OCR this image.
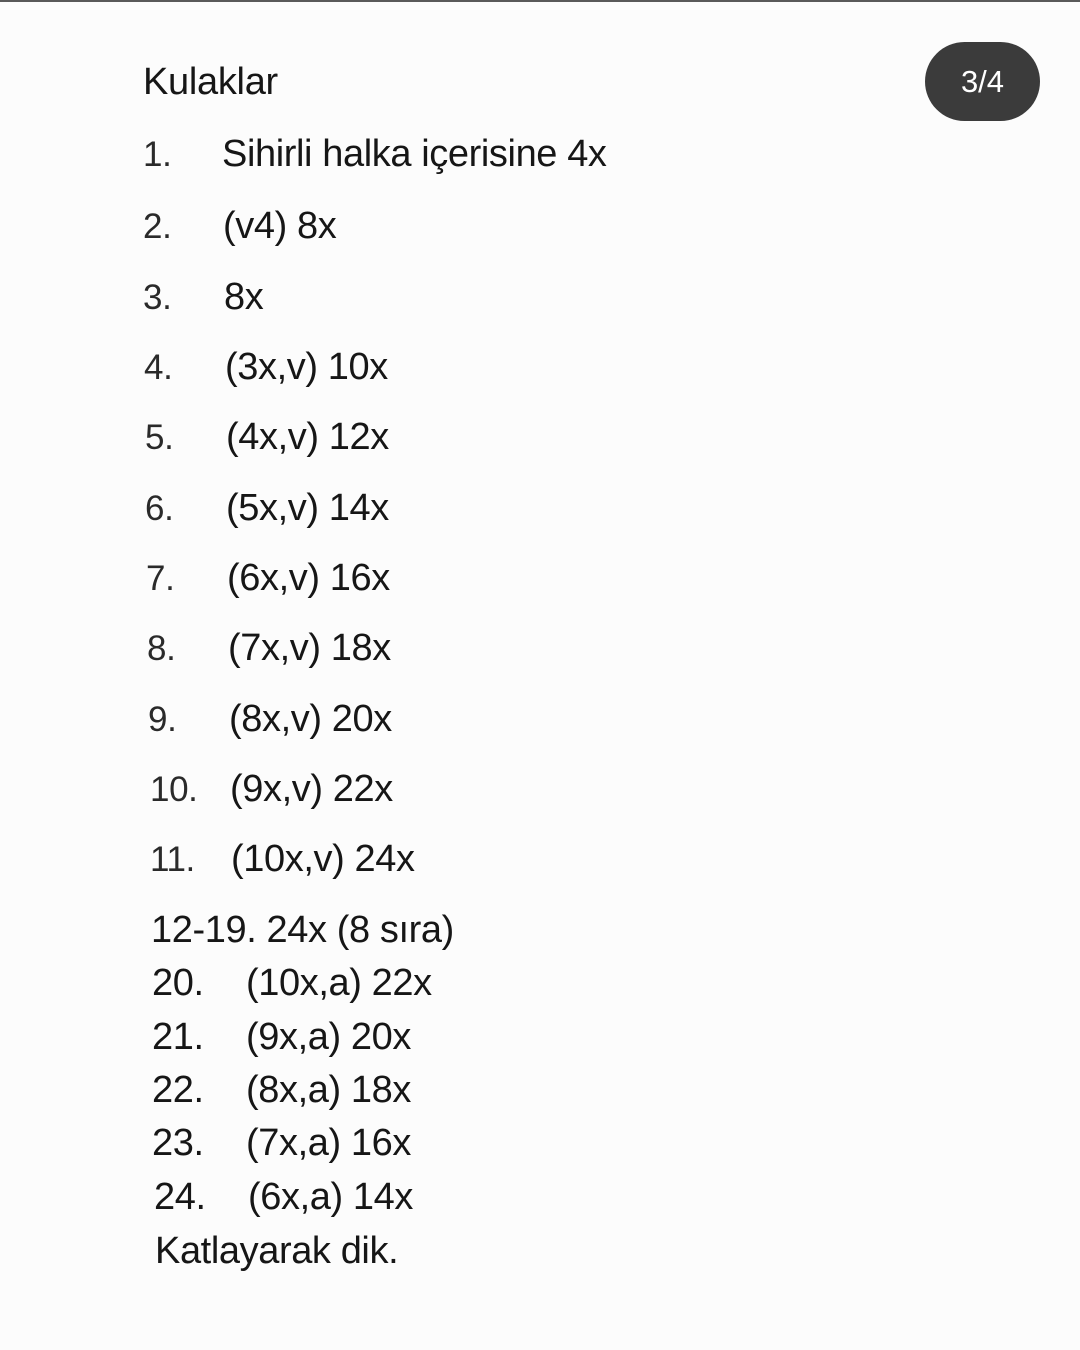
Kulaklar	3/4
1. Sihirli halka içerisine 4x
2. (v4) 8x
3. 8x
4. (3x,v) 10x
5. (4x,v) 12x
6. (5x,v) 14x
7. (6x,v) 16x
8. (7x,v) 18x
9. (8x,v) 20x
10. (9x,v) 22x
11. (10x,v) 24x
12-19. 24x (8 sıra)
20. (10x,a) 22x
21. (9x,a) 20x
22. (8x,a) 18x
23. (7x,a) 16x
24. (6x,a) 14x
Katlayarak dik.
